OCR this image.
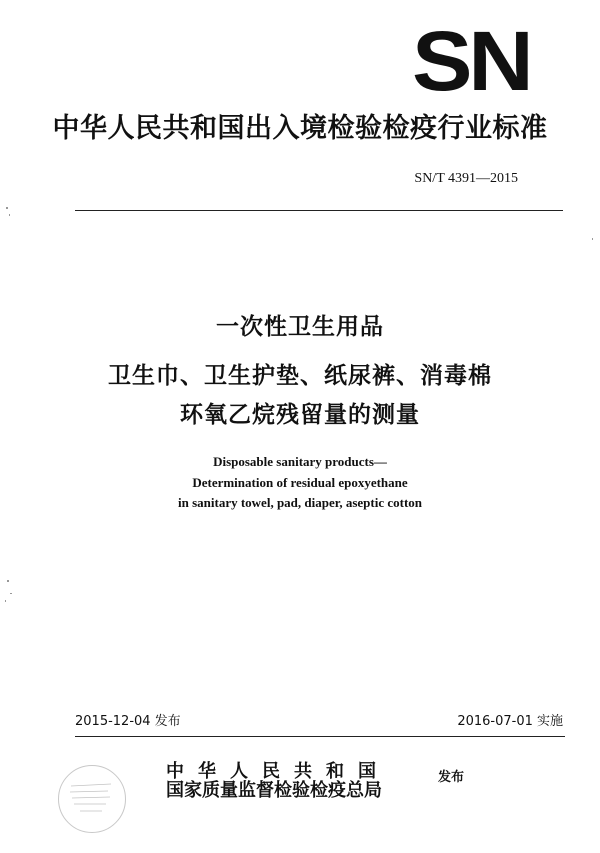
SN
中华人民共和国出入境检验检疫行业标准
SN/T 4391—2015
一次性卫生用品
卫生巾、卫生护垫、纸尿裤、消毒棉
环氧乙烷残留量的测量
Disposable sanitary products—
Determination of residual epoxyethane
in sanitary towel, pad, diaper, aseptic cotton
2015-12-04 发布	2016-07-01 实施
中华人民共和国
国家质量监督检验检疫总局
发布
